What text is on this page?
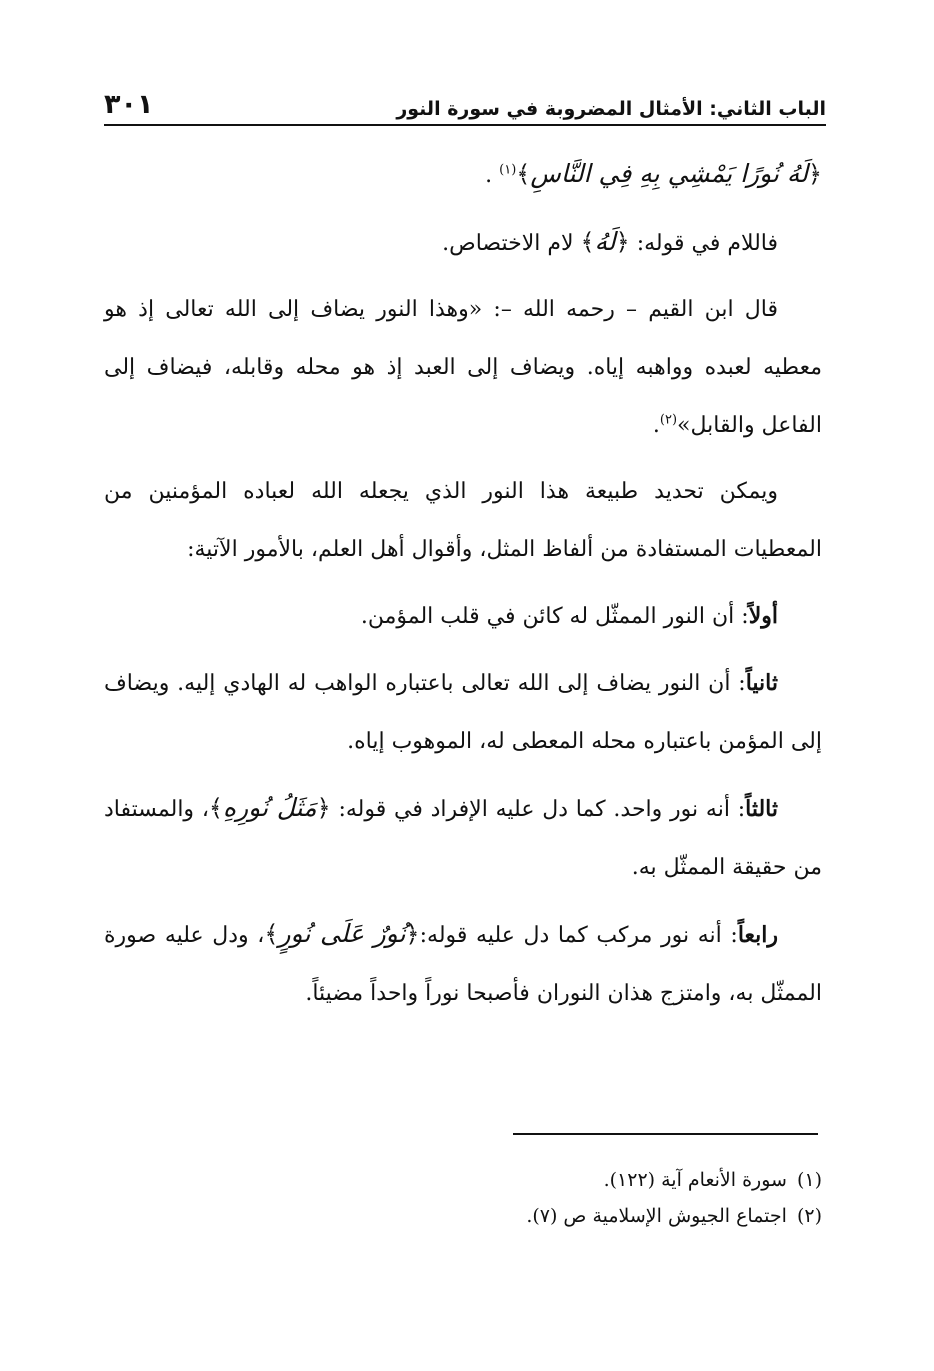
الباب الثاني: الأمثال المضروبة في سورة النور
٣٠١

﴿لَهُ نُورًا يَمْشِي بِهِ فِي النَّاسِ﴾$^{(١)}$ .

فاللام في قوله: ﴿لَهُ﴾ لام الاختصاص.

قال ابن القيم – رحمه الله –: «وهذا النور يضاف إلى الله تعالى إذ هو معطيه لعبده وواهبه إياه. ويضاف إلى العبد إذ هو محله وقابله، فيضاف إلى الفاعل والقابل»$^{(٢)}$.

ويمكن تحديد طبيعة هذا النور الذي يجعله الله لعباده المؤمنين من المعطيات المستفادة من ألفاظ المثل، وأقوال أهل العلم، بالأمور الآتية:

أولاً: أن النور الممثّل له كائن في قلب المؤمن.

ثانياً: أن النور يضاف إلى الله تعالى باعتباره الواهب له الهادي إليه. ويضاف إلى المؤمن باعتباره محله المعطى له، الموهوب إياه.

ثالثاً: أنه نور واحد. كما دل عليه الإفراد في قوله: ﴿مَثَلُ نُورِهِ﴾، والمستفاد من حقيقة الممثّل به.

رابعاً: أنه نور مركب كما دل عليه قوله:﴿نُورٌ عَلَى نُورٍ﴾، ودل عليه صورة الممثّل به، وامتزج هذان النوران فأصبحا نوراً واحداً مضيئاً.

(١)
سورة الأنعام آية (١٢٢).

(٢)
اجتماع الجيوش الإسلامية ص (٧).
